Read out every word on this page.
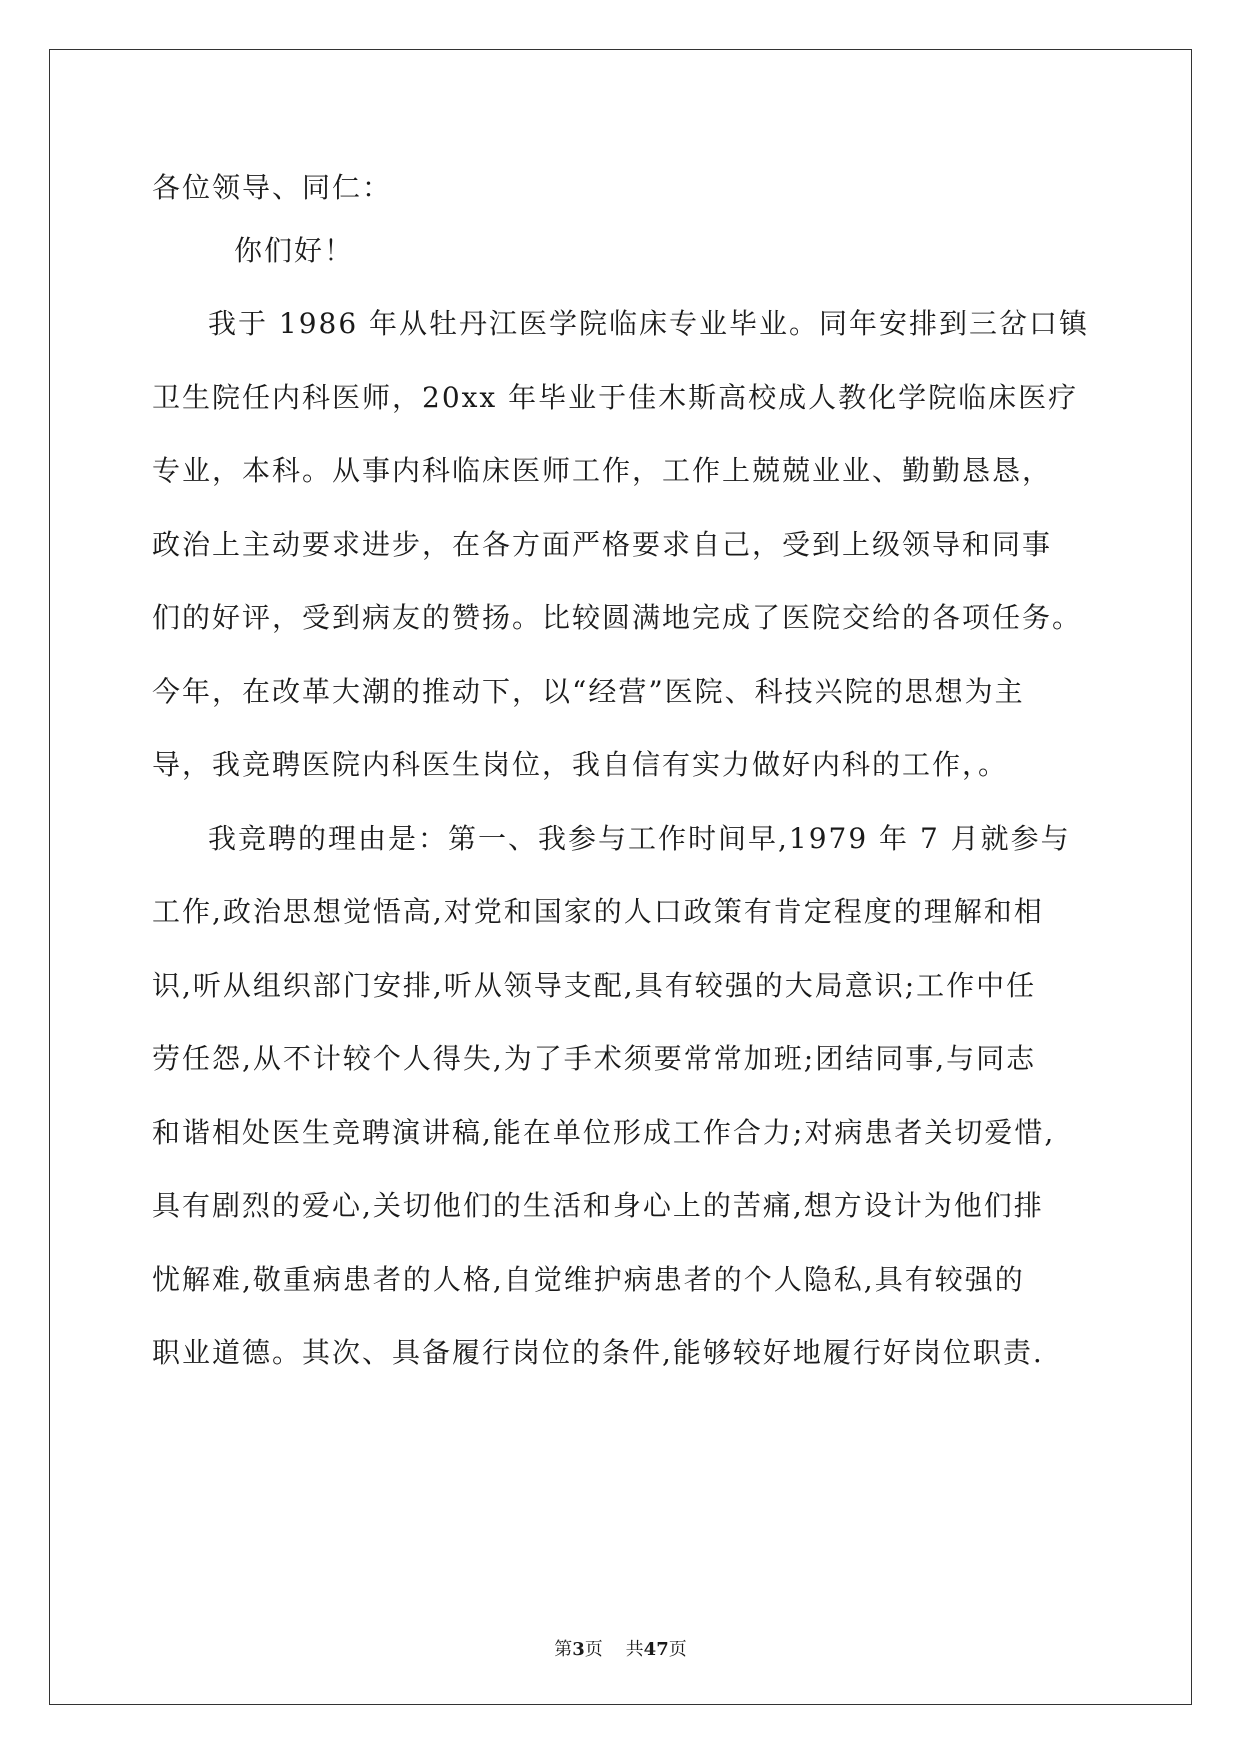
各位领导、同仁：
你们好！
我于 1986 年从牡丹江医学院临床专业毕业。同年安排到三岔口镇
卫生院任内科医师，20xx 年毕业于佳木斯高校成人教化学院临床医疗
专业，本科。从事内科临床医师工作，工作上兢兢业业、勤勤恳恳，
政治上主动要求进步，在各方面严格要求自己，受到上级领导和同事
们的好评，受到病友的赞扬。比较圆满地完成了医院交给的各项任务。
今年，在改革大潮的推动下，以“经营”医院、科技兴院的思想为主
导，我竞聘医院内科医生岗位，我自信有实力做好内科的工作，。
我竞聘的理由是：第一、我参与工作时间早,1979 年 7 月就参与
工作,政治思想觉悟高,对党和国家的人口政策有肯定程度的理解和相
识,听从组织部门安排,听从领导支配,具有较强的大局意识;工作中任
劳任怨,从不计较个人得失,为了手术须要常常加班;团结同事,与同志
和谐相处医生竞聘演讲稿,能在单位形成工作合力;对病患者关切爱惜,
具有剧烈的爱心,关切他们的生活和身心上的苦痛,想方设计为他们排
忧解难,敬重病患者的人格,自觉维护病患者的个人隐私,具有较强的
职业道德。其次、具备履行岗位的条件,能够较好地履行好岗位职责.
第3页 共47页
